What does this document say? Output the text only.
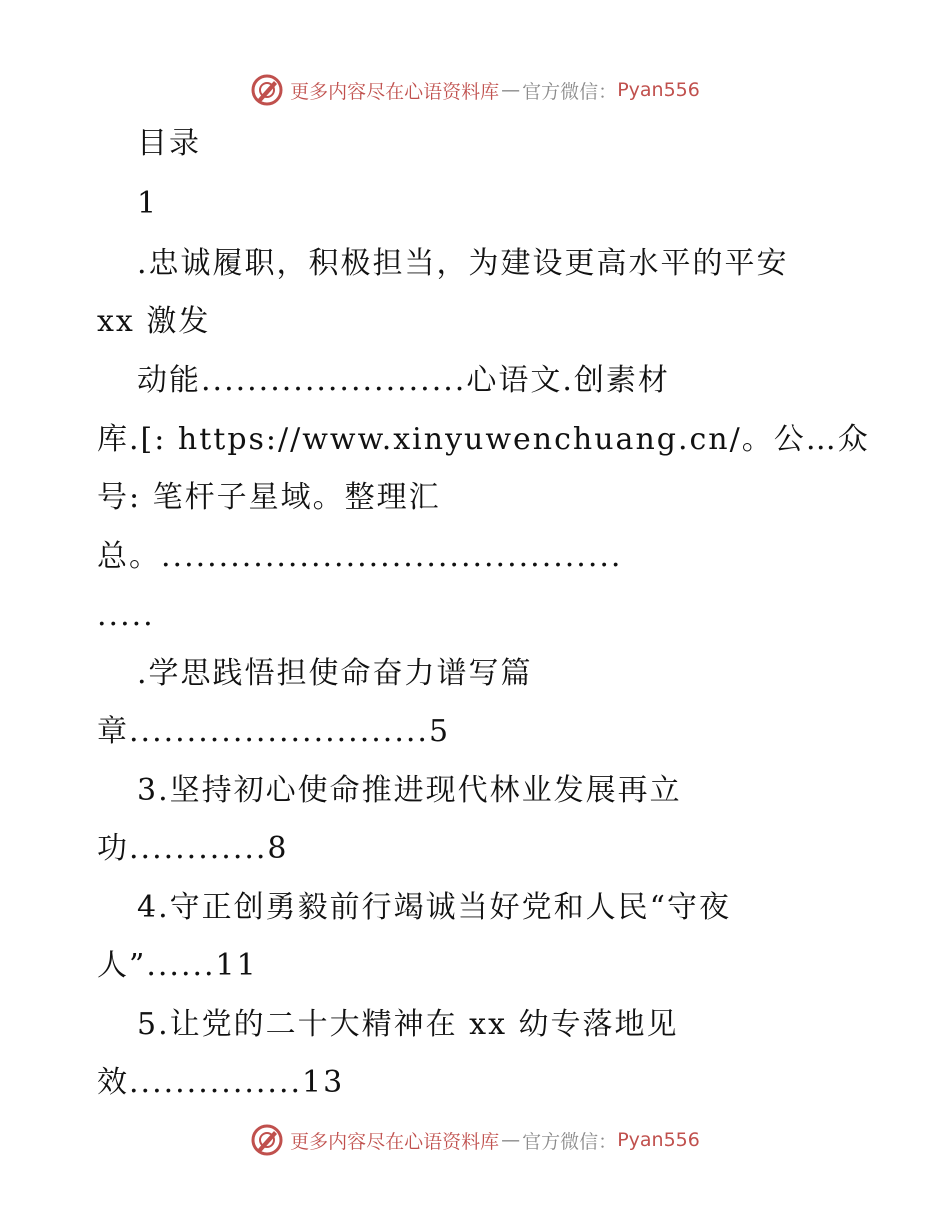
更多内容尽在心语资料库 — 官方微信： Pyan556
目录
1
.忠诚履职，积极担当，为建设更高水平的平安
xx 激发
动能.......................心语文.创素材
库.[: https://www.xinyuwenchuang.cn/。公…众
号: 笔杆子星域。整理汇
总。........................................
.....
.学思践悟担使命奋力谱写篇
章..........................5
3.坚持初心使命推进现代林业发展再立
功............8
4.守正创勇毅前行竭诚当好党和人民“守夜
人”......11
5.让党的二十大精神在 xx 幼专落地见
效...............13
更多内容尽在心语资料库 — 官方微信： Pyan556
